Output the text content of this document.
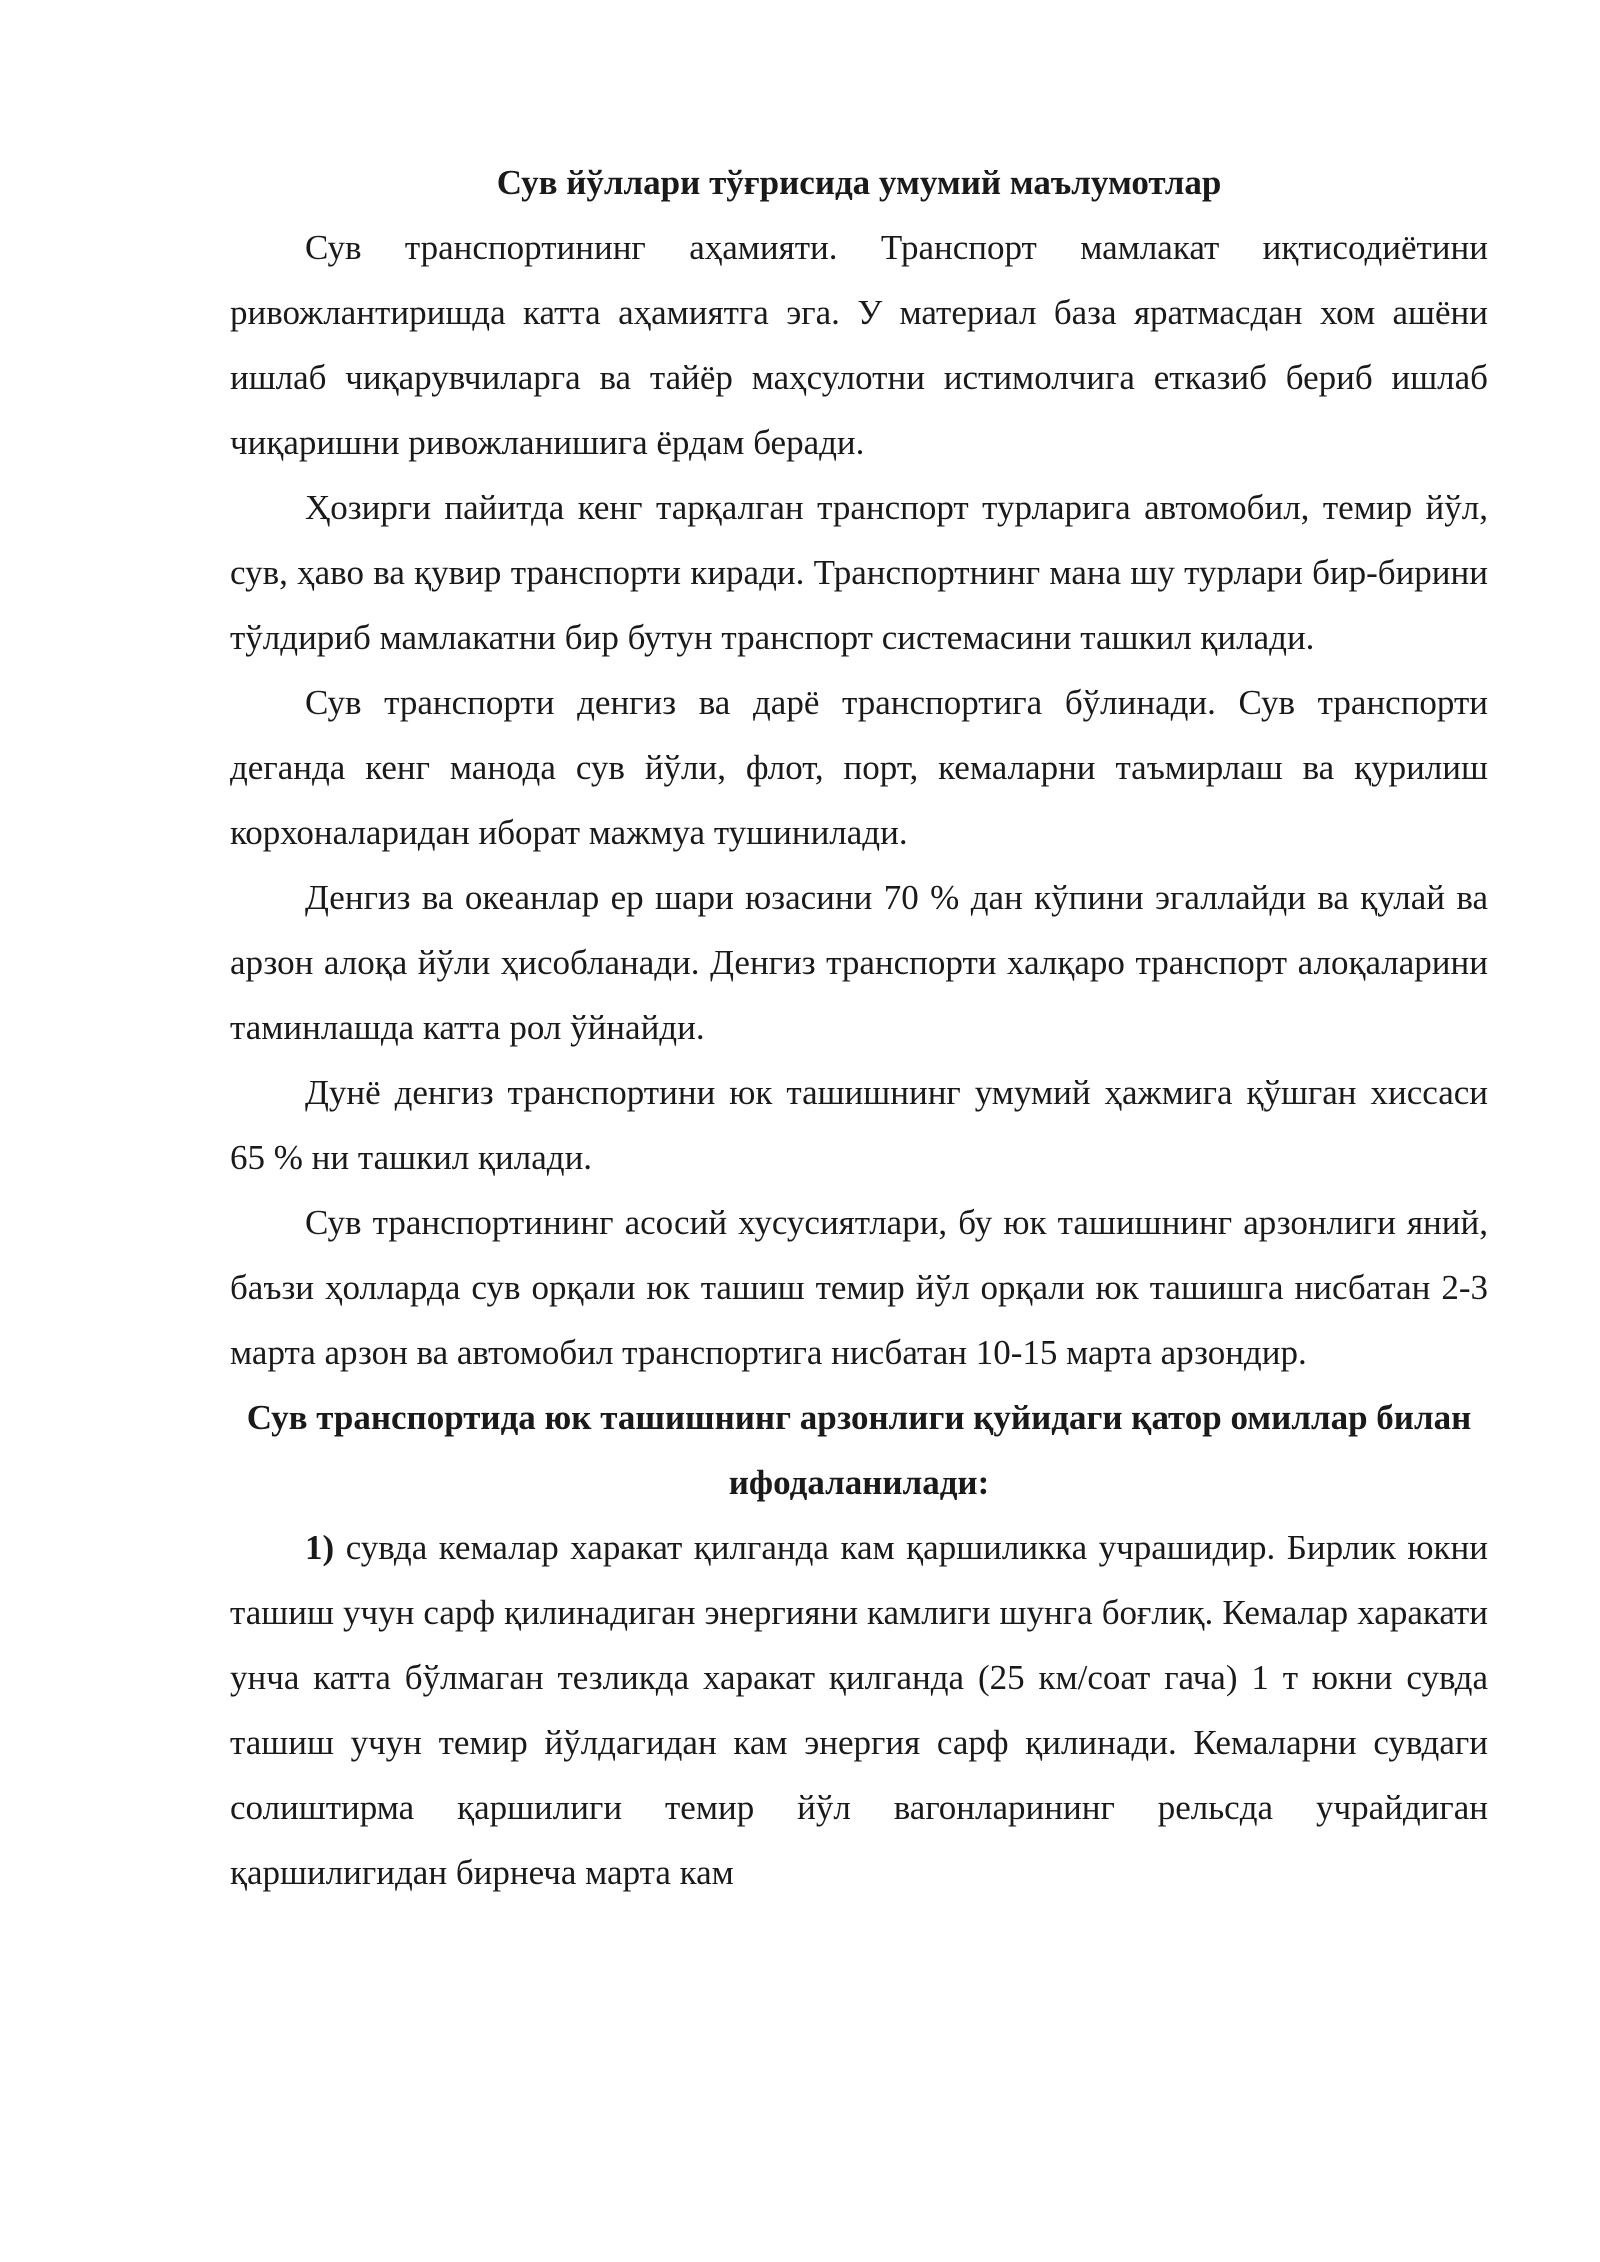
Сув йўллари тўғрисида умумий маълумотлар

Сув транспортининг аҳамияти. Транспорт мамлакат иқтисодиётини ривожлантиришда катта аҳамиятга эга. У материал база яратмасдан хом ашёни ишлаб чиқарувчиларга ва тайёр маҳсулотни истимолчига етказиб бериб ишлаб чиқаришни ривожланишига ёрдам беради.

Ҳозирги пайитда кенг тарқалган транспорт турларига автомобил, темир йўл, сув, ҳаво ва қувир транспорти киради. Транспортнинг мана шу турлари бир-бирини тўлдириб мамлакатни бир бутун транспорт системасини ташкил қилади.

Сув транспорти денгиз ва дарё транспортига бўлинади. Сув транспорти деганда кенг манода сув йўли, флот, порт, кемаларни таъмирлаш ва қурилиш корхоналаридан иборат мажмуа тушинилади.

Денгиз ва океанлар ер шари юзасини 70 % дан кўпини эгаллайди ва қулай ва арзон алоқа йўли ҳисобланади. Денгиз транспорти халқаро транспорт алоқаларини таминлашда катта рол ўйнайди.

Дунё денгиз транспортини юк ташишнинг умумий ҳажмига қўшган хиссаси 65 % ни ташкил қилади.

Сув транспортининг асосий хусусиятлари, бу юк ташишнинг арзонлиги яний, баъзи ҳолларда сув орқали юк ташиш темир йўл орқали юк ташишга нисбатан 2-3 марта арзон ва автомобил транспортига нисбатан 10-15 марта арзондир.

Сув транспортида юк ташишнинг арзонлиги қуйидаги қатор омиллар билан ифодаланилади:

1) сувда кемалар харакат қилганда кам қаршиликка учрашидир. Бирлик юкни ташиш учун сарф қилинадиган энергияни камлиги шунга боғлиқ. Кемалар харакати унча катта бўлмаган тезликда харакат қилганда (25 км/соат гача) 1 т юкни сувда ташиш учун темир йўлдагидан кам энергия сарф қилинади. Кемаларни сувдаги солиштирма қаршилиги темир йўл вагонларининг рельсда учрайдиган қаршилигидан бирнеча марта кам
